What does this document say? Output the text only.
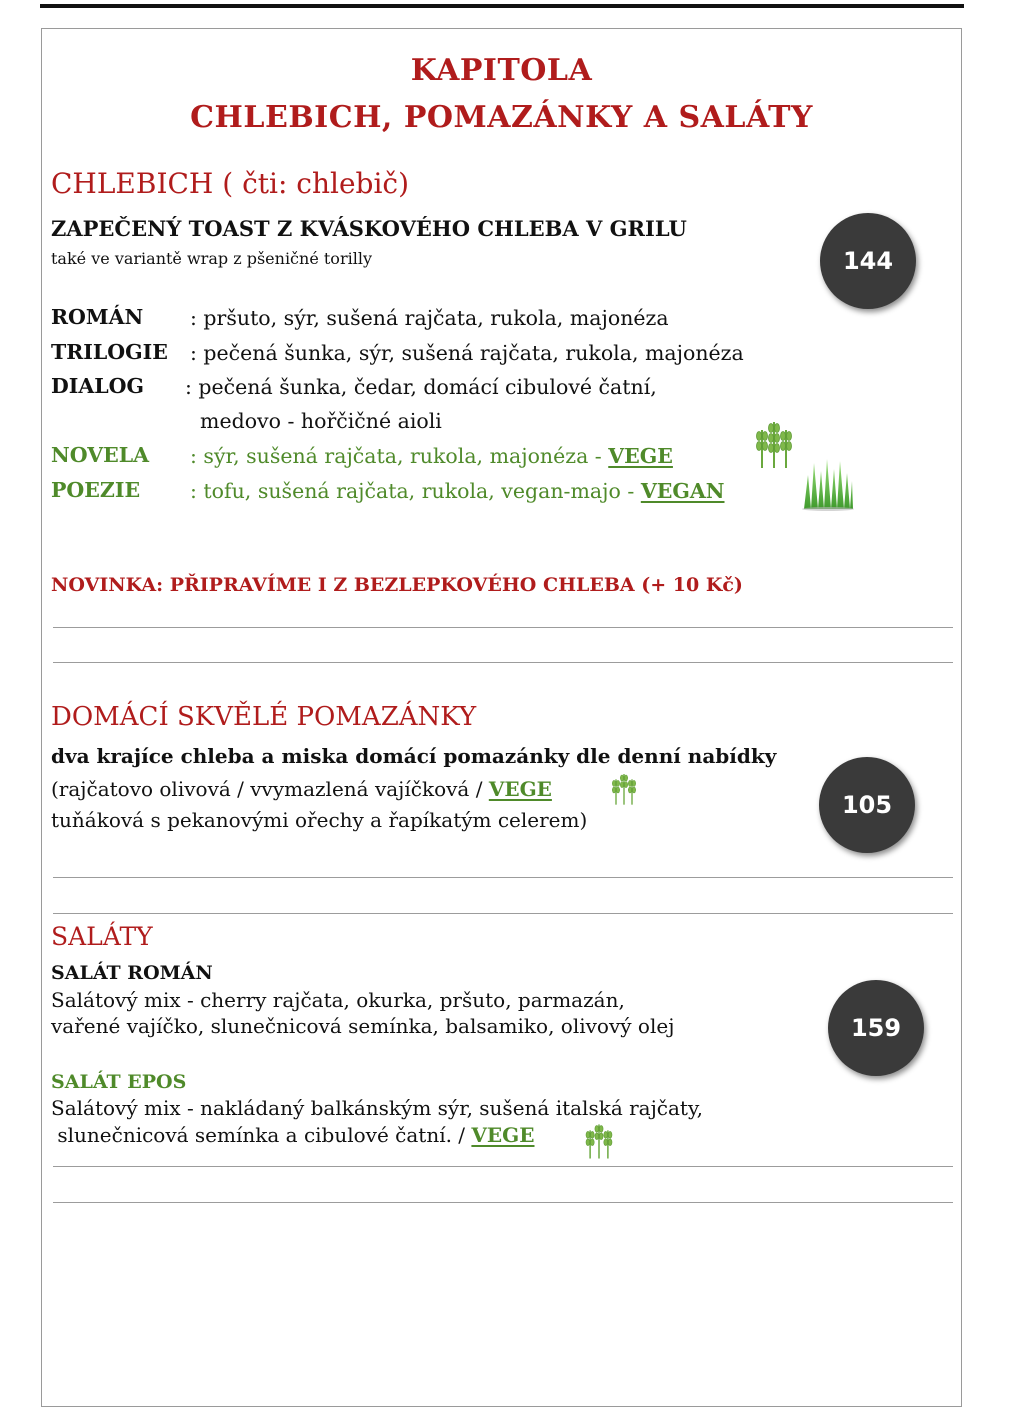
KAPITOLA
CHLEBICH, POMAZÁNKY A SALÁTY
CHLEBICH ( čti: chlebič)
ZAPEČENÝ TOAST Z KVÁSKOVÉHO CHLEBA V GRILU
také ve variantě wrap z pšeničné torilly	144
ROMÁN : pršuto, sýr, sušená rajčata, rukola, majonéza
TRILOGIE : pečená šunka, sýr, sušená rajčata, rukola, majonéza
DIALOG : pečená šunka, čedar, domácí cibulové čatní,
medovo - hořčičné aioli
NOVELA : sýr, sušená rajčata, rukola, majonéza - VEGE
POEZIE : tofu, sušená rajčata, rukola, vegan-majo - VEGAN
NOVINKA: PŘIPRAVÍME I Z BEZLEPKOVÉHO CHLEBA (+ 10 Kč)
DOMÁCÍ SKVĚLÉ POMAZÁNKY
dva krajíce chleba a miska domácí pomazánky dle denní nabídky
(rajčatovo olivová / vvymazlená vajíčková / VEGE
tuňáková s pekanovými ořechy a řapíkatým celerem)
105
SALÁTY
SALÁT ROMÁN
Salátový mix - cherry rajčata, okurka, pršuto, parmazán,
vařené vajíčko, slunečnicová semínka, balsamiko, olivový olej	159
SALÁT EPOS
Salátový mix - nakládaný balkánským sýr, sušená italská rajčaty,
slunečnicová semínka a cibulové čatní. / VEGE
